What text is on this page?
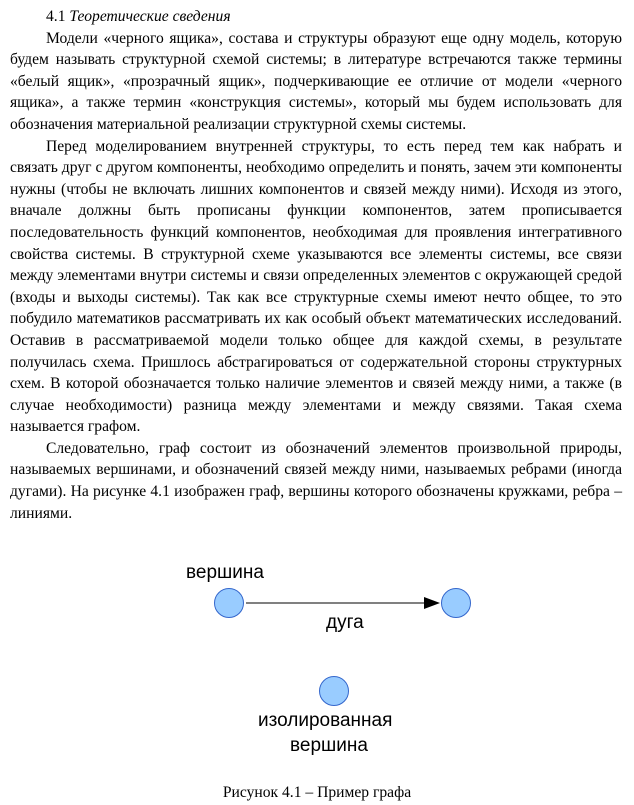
4.1 Теоретические сведения

Модели «черного ящика», состава и структуры образуют еще одну модель, которую будем называть структурной схемой системы; в литературе встречаются также термины «белый ящик», «прозрачный ящик», подчеркивающие ее отличие от модели «черного ящика», а также термин «конструкция системы», который мы будем использовать для обозначения материальной реализации структурной схемы системы.

Перед моделированием внутренней структуры, то есть перед тем как набрать и связать друг с другом компоненты, необходимо определить и понять, зачем эти компоненты нужны (чтобы не включать лишних компонентов и связей между ними). Исходя из этого, вначале должны быть прописаны функции компонентов, затем прописывается последовательность функций компонентов, необходимая для проявления интегративного свойства системы. В структурной схеме указываются все элементы системы, все связи между элементами внутри системы и связи определенных элементов с окружающей средой (входы и выходы системы). Так как все структурные схемы имеют нечто общее, то это побудило математиков рассматривать их как особый объект математических исследований. Оставив в рассматриваемой модели только общее для каждой схемы, в результате получилась схема. Пришлось абстрагироваться от содержательной стороны структурных схем. В которой обозначается только наличие элементов и связей между ними, а также (в случае необходимости) разница между элементами и между связями. Такая схема называется графом.

Следовательно, граф состоит из обозначений элементов произвольной природы, называемых вершинами, и обозначений связей между ними, называемых ребрами (иногда дугами). На рисунке 4.1 изображен граф, вершины которого обозначены кружками, ребра – линиями.

вершина
дуга
изолированная
вершина
Рисунок 4.1 – Пример графа
